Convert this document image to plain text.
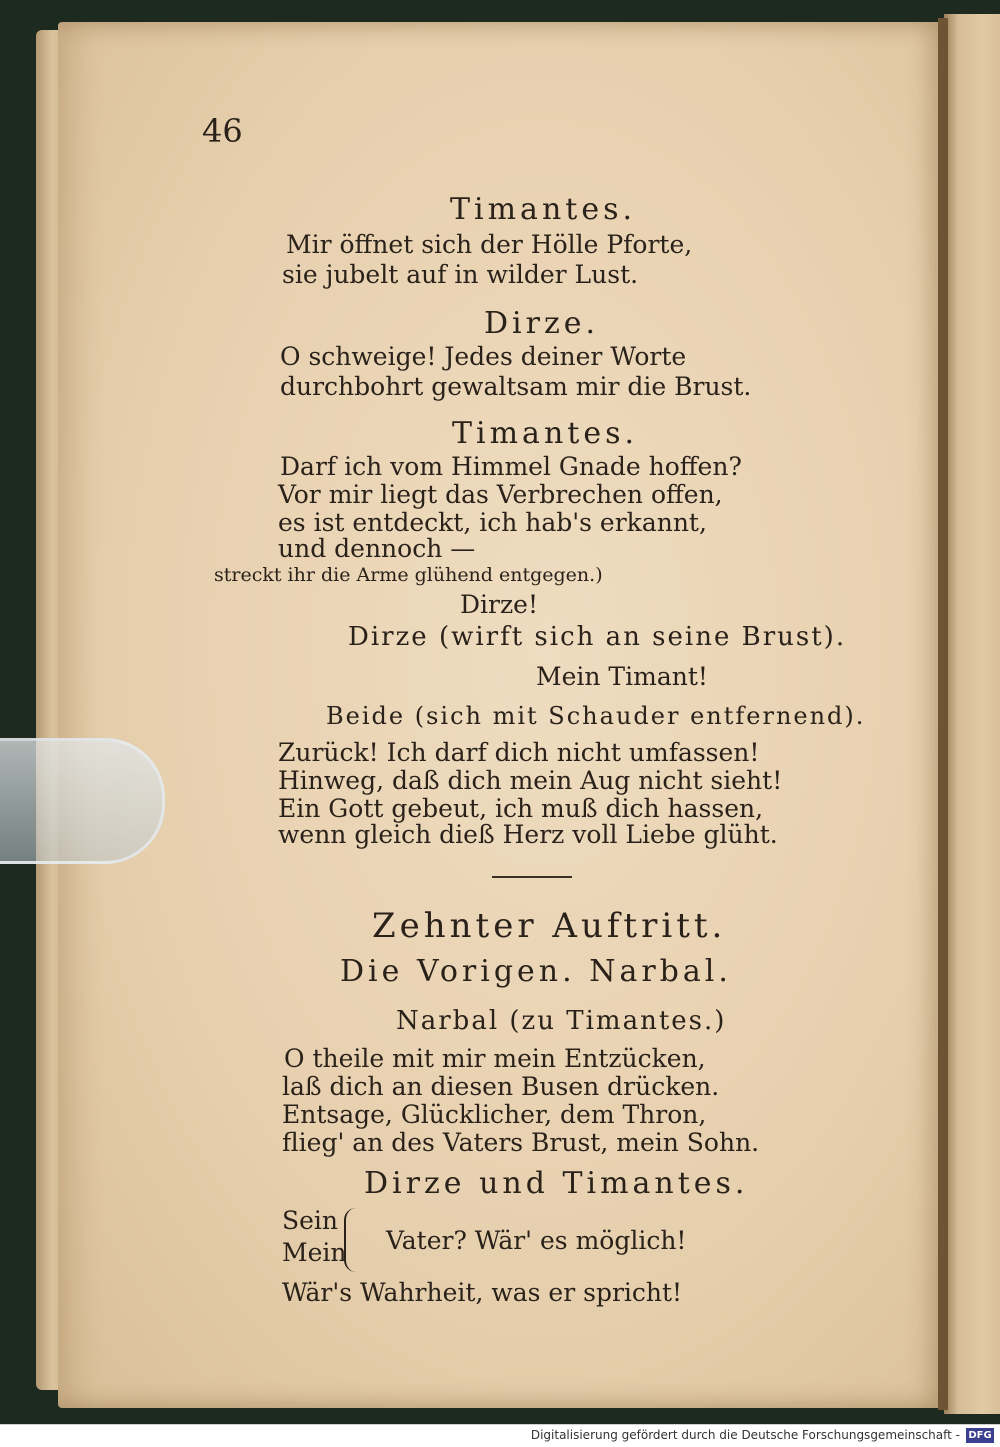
46
Timantes.
Mir öffnet sich der Hölle Pforte,
sie jubelt auf in wilder Lust.
Dirze.
O schweige! Jedes deiner Worte
durchbohrt gewaltsam mir die Brust.
Timantes.
Darf ich vom Himmel Gnade hoffen?
Vor mir liegt das Verbrechen offen,
es ist entdeckt, ich hab's erkannt,
und dennoch —
streckt ihr die Arme glühend entgegen.)
Dirze!
Dirze (wirft sich an seine Brust).
Mein Timant!
Beide (sich mit Schauder entfernend).
Zurück! Ich darf dich nicht umfassen!
Hinweg, daß dich mein Aug nicht sieht!
Ein Gott gebeut, ich muß dich hassen,
wenn gleich dieß Herz voll Liebe glüht.
Zehnter Auftritt.
Die Vorigen. Narbal.
Narbal (zu Timantes.)
O theile mit mir mein Entzücken,
laß dich an diesen Busen drücken.
Entsage, Glücklicher, dem Thron,
flieg' an des Vaters Brust, mein Sohn.
Dirze und Timantes.
Sein
Vater? Wär' es möglich!
Mein
Wär's Wahrheit, was er spricht!
Digitalisierung gefördert durch die Deutsche Forschungsgemeinschaft - DFG
